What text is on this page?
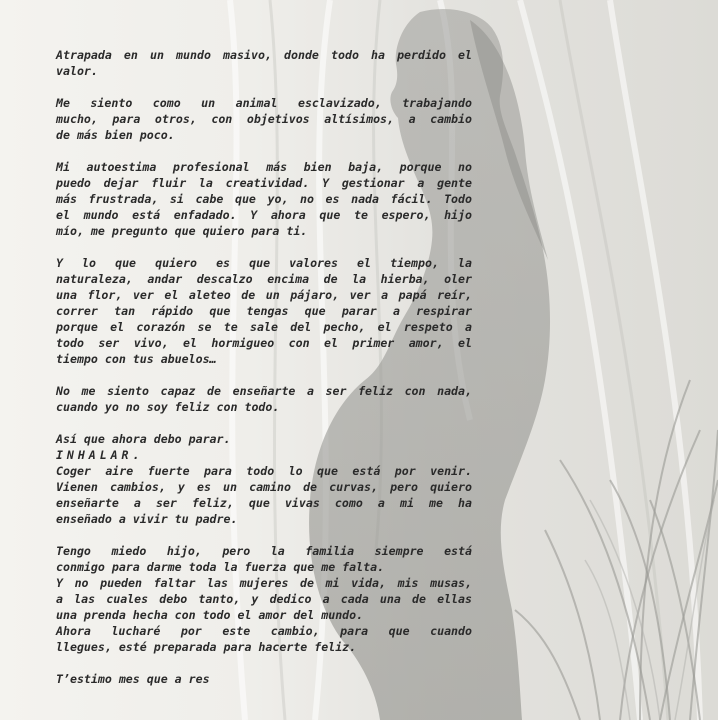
Atrapada en un mundo masivo, donde todo ha perdido el
valor.
Me siento como un animal esclavizado, trabajando
mucho, para otros, con objetivos altísimos, a cambio
de más bien poco.
Mi autoestima profesional más bien baja, porque no
puedo dejar fluir la creatividad. Y gestionar a gente
más frustrada, si cabe que yo, no es nada fácil. Todo
el mundo está enfadado. Y ahora que te espero, hijo
mío, me pregunto que quiero para ti.
Y lo que quiero es que valores el tiempo, la
naturaleza, andar descalzo encima de la hierba, oler
una flor, ver el aleteo de un pájaro, ver a papá reír,
correr tan rápido que tengas que parar a respirar
porque el corazón se te sale del pecho, el respeto a
todo ser vivo, el hormigueo con el primer amor, el
tiempo con tus abuelos…
No me siento capaz de enseñarte a ser feliz con nada,
cuando yo no soy feliz con todo.
Así que ahora debo parar.
INHALAR.
Coger aire fuerte para todo lo que está por venir.
Vienen cambios, y es un camino de curvas, pero quiero
enseñarte a ser feliz, que vivas como a mi me ha
enseñado a vivir tu padre.
Tengo miedo hijo, pero la familia siempre está
conmigo para darme toda la fuerza que me falta.
Y no pueden faltar las mujeres de mi vida, mis musas,
a las cuales debo tanto, y dedico a cada una de ellas
una prenda hecha con todo el amor del mundo.
Ahora lucharé por este cambio, para que cuando
llegues, esté preparada para hacerte feliz.
T’estimo mes que a res
